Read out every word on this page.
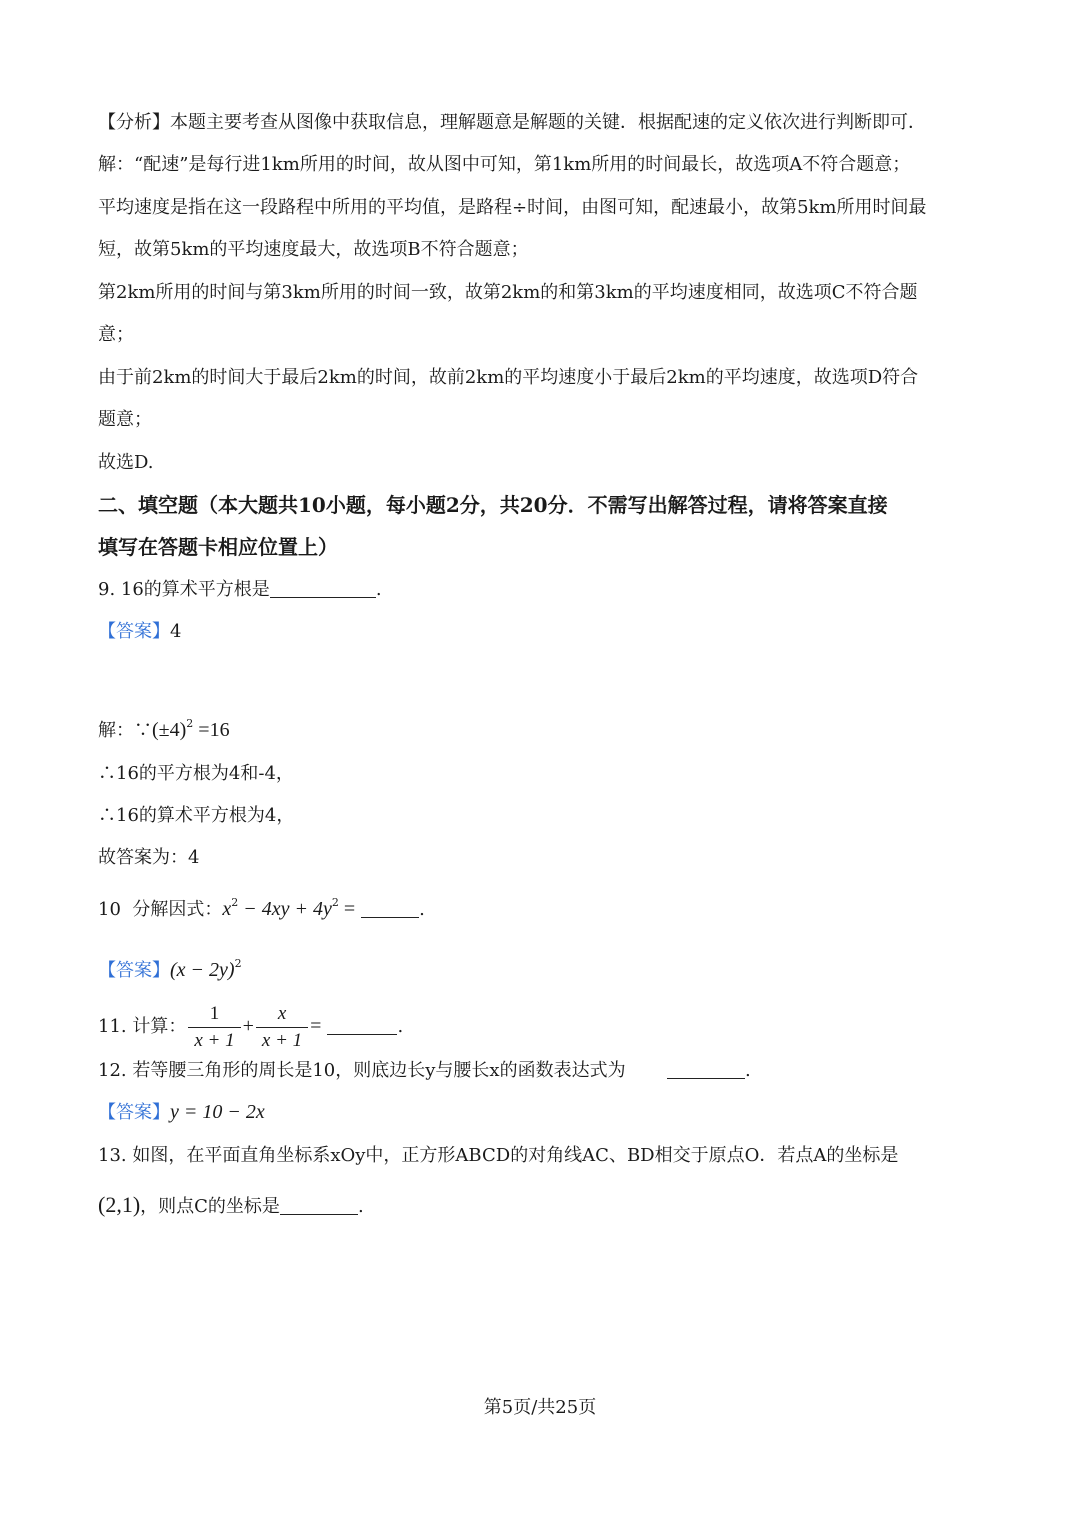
【分析】本题主要考查从图像中获取信息，理解题意是解题的关键．根据配速的定义依次进行判断即可．
解：“配速”是每行进1km所用的时间，故从图中可知，第1km所用的时间最长，故选项A不符合题意；
平均速度是指在这一段路程中所用的平均值，是路程÷时间，由图可知，配速最小，故第5km所用时间最
短，故第5km的平均速度最大，故选项B不符合题意；
第2km所用的时间与第3km所用的时间一致，故第2km的和第3km的平均速度相同，故选项C不符合题
意；
由于前2km的时间大于最后2km的时间，故前2km的平均速度小于最后2km的平均速度，故选项D符合
题意；
故选D.
二、填空题（本大题共10小题，每小题2分，共20分．不需写出解答过程，请将答案直接
填写在答题卡相应位置上）
9. 16的算术平方根是	.
【答案】4
解：$\because(\pm 4)^2 =16$
∴16的平方根为4和-4，
∴16的算术平方根为4，
故答案为：4
10 分解因式：$x^2 - 4xy + 4y^2$ =	.
【答案】$(x - 2y)^2$
11. 计算： $\frac{1}{x + 1} + \frac{x}{x + 1}$ =	.
12. 若等腰三角形的周长是10，则底边长y与腰长x的函数表达式为	.
【答案】y = 10 − 2x
13. 如图，在平面直角坐标系xOy中，正方形ABCD的对角线AC、BD相交于原点O．若点A的坐标是
(2,1)，则点C的坐标是	.
第5页/共25页
